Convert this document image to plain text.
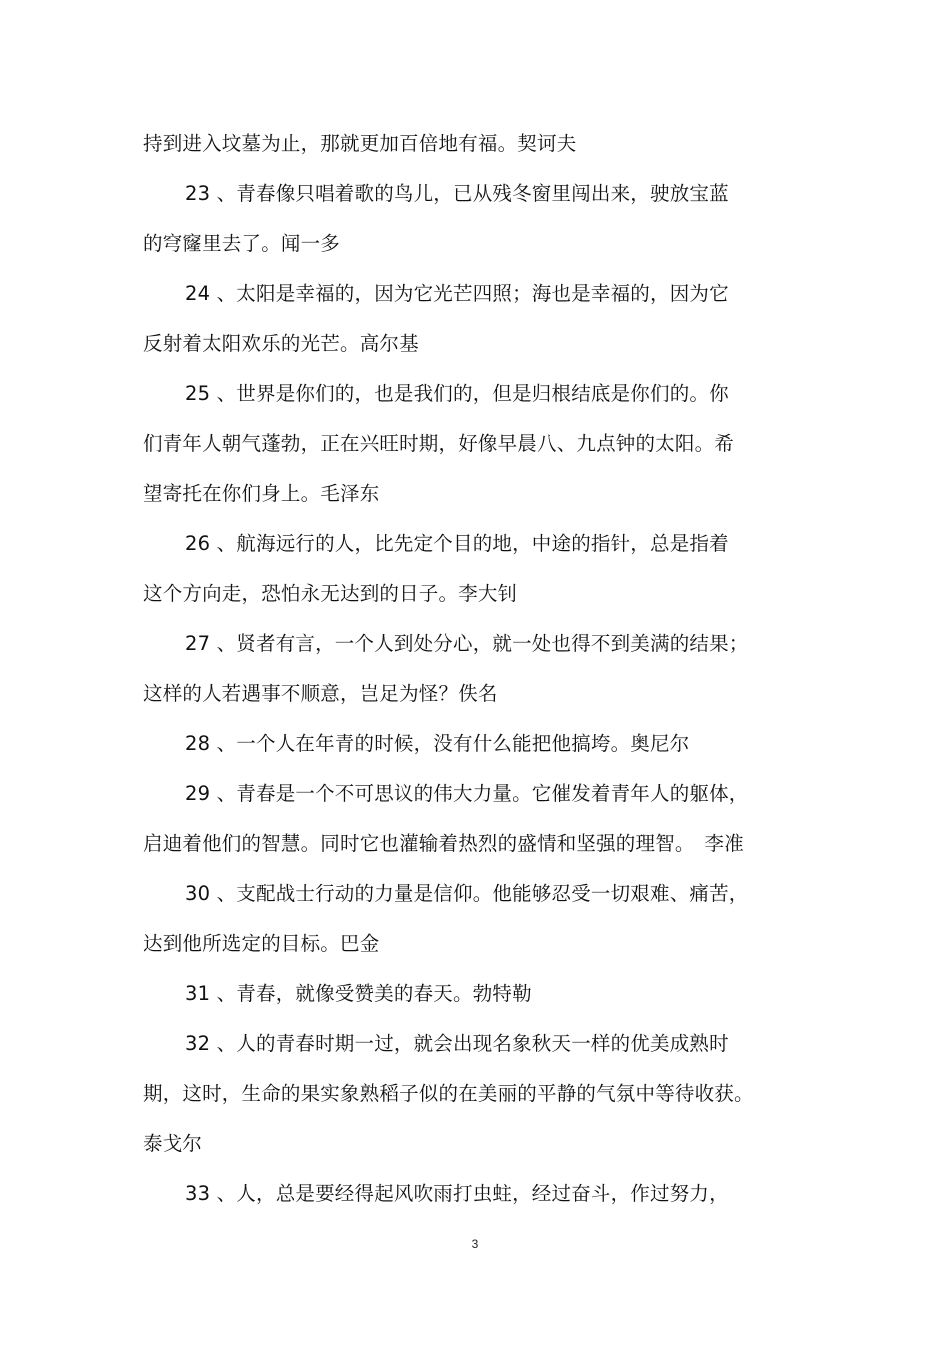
持到进入坟墓为止，那就更加百倍地有福。契诃夫
23 、青春像只唱着歌的鸟儿，已从残冬窗里闯出来，驶放宝蓝
的穹窿里去了。闻一多
24 、太阳是幸福的，因为它光芒四照；海也是幸福的，因为它
反射着太阳欢乐的光芒。高尔基
25 、世界是你们的，也是我们的，但是归根结底是你们的。你
们青年人朝气蓬勃，正在兴旺时期，好像早晨八、九点钟的太阳。希
望寄托在你们身上。毛泽东
26 、航海远行的人，比先定个目的地，中途的指针，总是指着
这个方向走，恐怕永无达到的日子。李大钊
27 、贤者有言，一个人到处分心，就一处也得不到美满的结果；
这样的人若遇事不顺意，岂足为怪？佚名
28 、一个人在年青的时候，没有什么能把他搞垮。奥尼尔
29 、青春是一个不可思议的伟大力量。它催发着青年人的躯体，
启迪着他们的智慧。同时它也灌输着热烈的盛情和坚强的理智。　李准
30 、支配战士行动的力量是信仰。他能够忍受一切艰难、痛苦，
达到他所选定的目标。巴金
31 、青春，就像受赞美的春天。勃特勒
32 、人的青春时期一过，就会出现名象秋天一样的优美成熟时
期，这时，生命的果实象熟稻子似的在美丽的平静的气氛中等待收获。
泰戈尔
33 、人，总是要经得起风吹雨打虫蛀，经过奋斗，作过努力，
3
